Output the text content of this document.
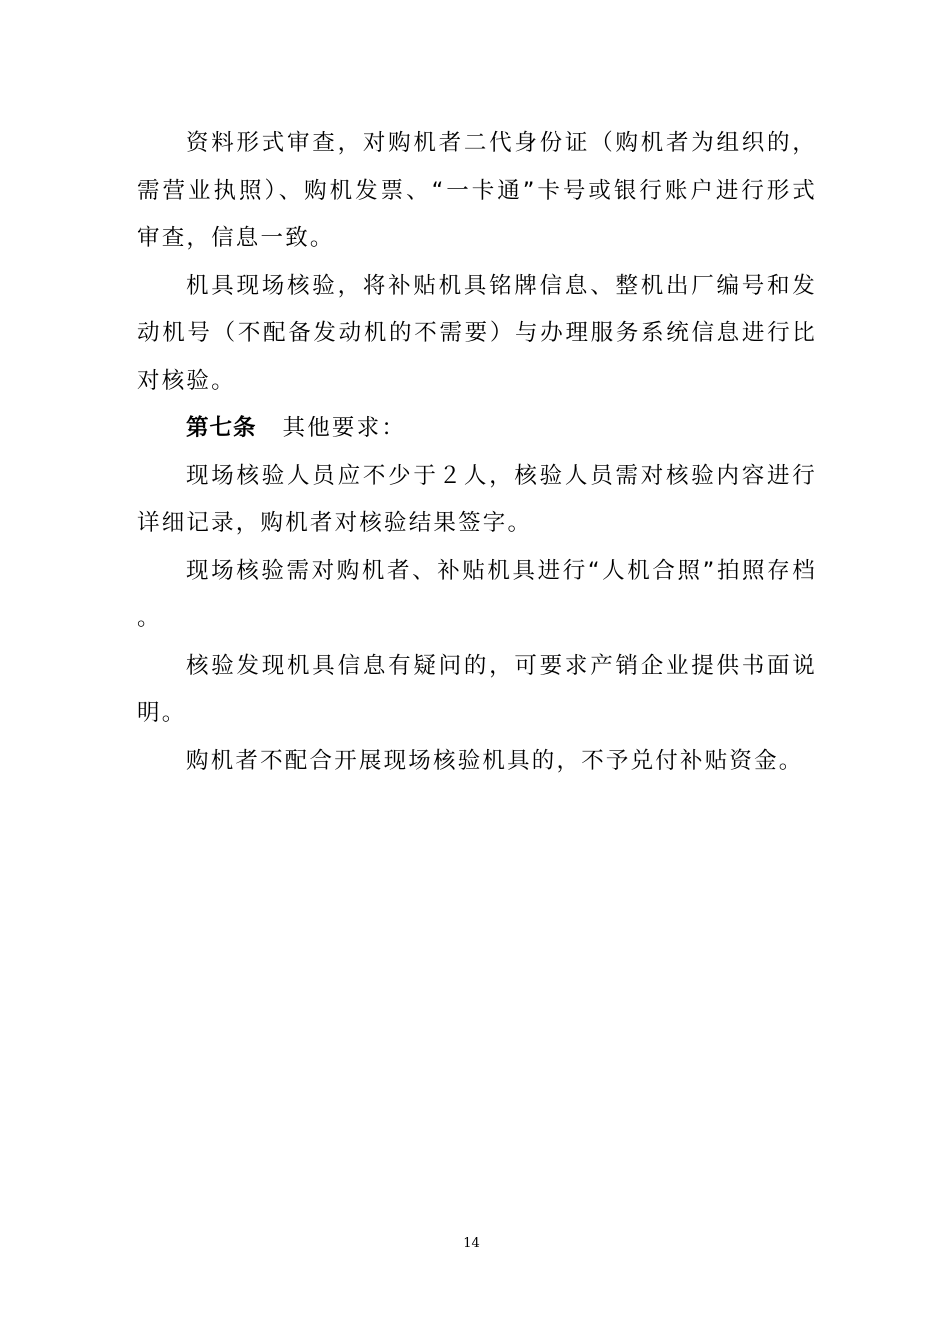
资料形式审查，对购机者二代身份证（购机者为组织的，需营业执照）、购机发票、“一卡通”卡号或银行账户进行形式审查，信息一致。

机具现场核验，将补贴机具铭牌信息、整机出厂编号和发动机号（不配备发动机的不需要）与办理服务系统信息进行比对核验。

第七条 其他要求：

现场核验人员应不少于２人，核验人员需对核验内容进行详细记录，购机者对核验结果签字。

现场核验需对购机者、补贴机具进行“人机合照”拍照存档。

核验发现机具信息有疑问的，可要求产销企业提供书面说明。

购机者不配合开展现场核验机具的，不予兑付补贴资金。

14
